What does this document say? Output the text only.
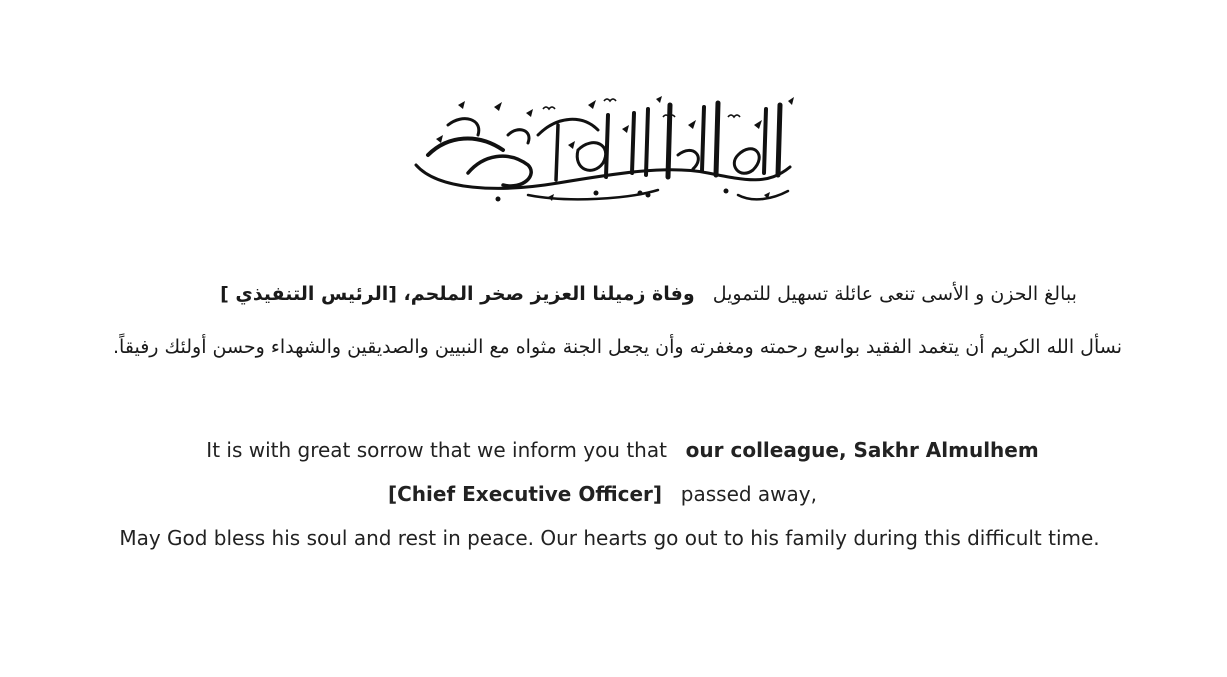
ببالغ الحزن و الأسى تنعى عائلة تسهيل للتمويل  وفاة زميلنا العزيز صخر الملحم، [الرئيس التنفيذي ]
نسأل الله الكريم أن يتغمد الفقيد بواسع رحمته ومغفرته وأن يجعل الجنة مثواه مع النبيين والصديقين والشهداء وحسن أولئك رفيقاً.
It is with great sorrow that we inform you that our colleague, Sakhr Almulhem
[Chief Executive Officer] passed away,
May God bless his soul and rest in peace. Our hearts go out to his family during this difficult time.
